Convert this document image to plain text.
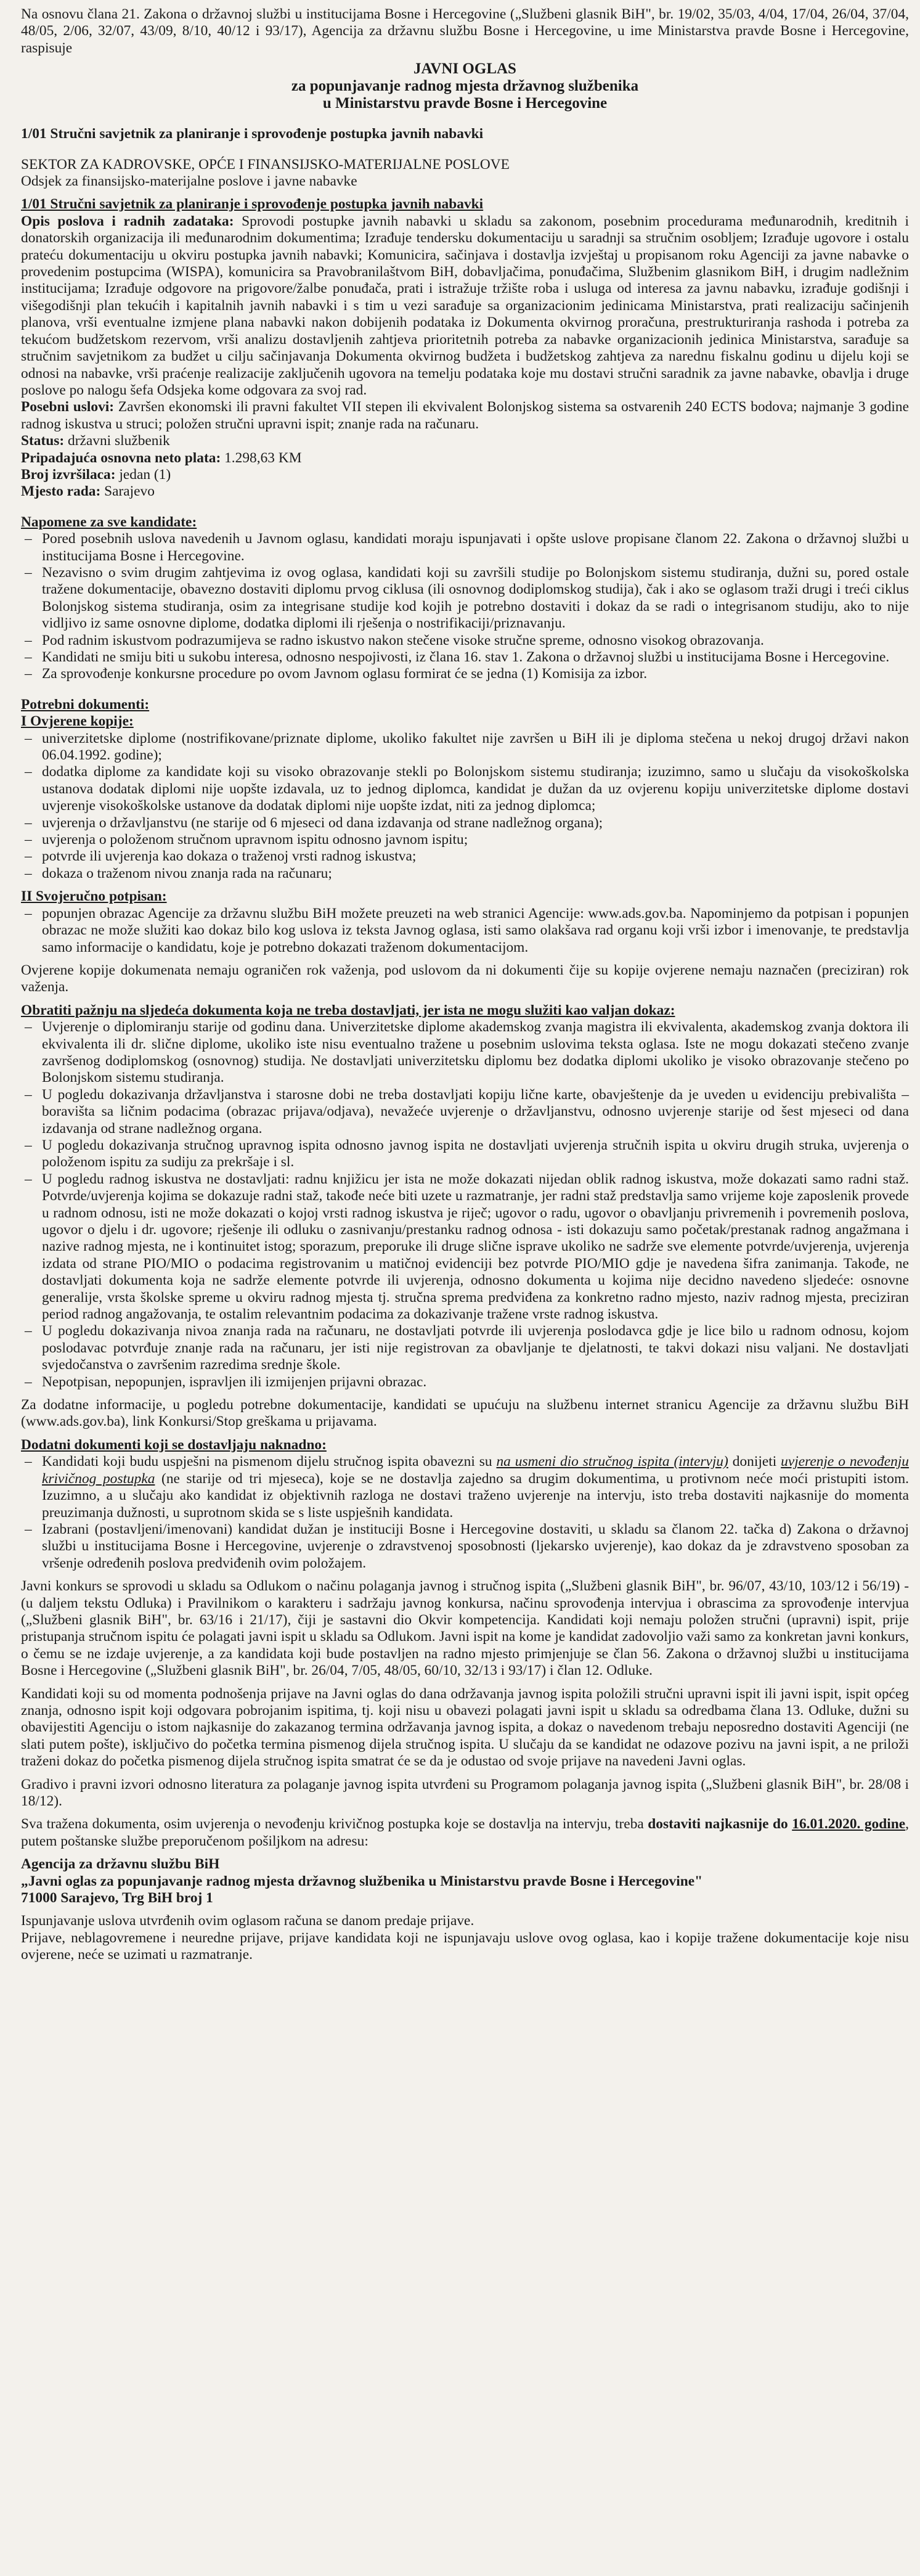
Na osnovu člana 21. Zakona o državnoj službi u institucijama Bosne i Hercegovine („Službeni glasnik BiH", br. 19/02, 35/03, 4/04, 17/04, 26/04, 37/04, 48/05, 2/06, 32/07, 43/09, 8/10, 40/12 i 93/17), Agencija za državnu službu Bosne i Hercegovine, u ime Ministarstva pravde Bosne i Hercegovine, raspisuje

JAVNI OGLAS
za popunjavanje radnog mjesta državnog službenika
u Ministarstvu pravde Bosne i Hercegovine

1/01 Stručni savjetnik za planiranje i sprovođenje postupka javnih nabavki

SEKTOR ZA KADROVSKE, OPĆE I FINANSIJSKO-MATERIJALNE POSLOVE

Odsjek za finansijsko-materijalne poslove i javne nabavke

1/01 Stručni savjetnik za planiranje i sprovođenje postupka javnih nabavki

Opis poslova i radnih zadataka: Sprovodi postupke javnih nabavki u skladu sa zakonom, posebnim procedurama međunarodnih, kreditnih i donatorskih organizacija ili međunarodnim dokumentima; Izrađuje tendersku dokumentaciju u saradnji sa stručnim osobljem; Izrađuje ugovore i ostalu prateću dokumentaciju u okviru postupka javnih nabavki; Komunicira, sačinjava i dostavlja izvještaj u propisanom roku Agenciji za javne nabavke o provedenim postupcima (WISPA), komunicira sa Pravobranilaštvom BiH, dobavljačima, ponuđačima, Službenim glasnikom BiH, i drugim nadležnim institucijama; Izrađuje odgovore na prigovore/žalbe ponuđača, prati i istražuje tržište roba i usluga od interesa za javnu nabavku, izrađuje godišnji i višegodišnji plan tekućih i kapitalnih javnih nabavki i s tim u vezi sarađuje sa organizacionim jedinicama Ministarstva, prati realizaciju sačinjenih planova, vrši eventualne izmjene plana nabavki nakon dobijenih podataka iz Dokumenta okvirnog proračuna, prestrukturiranja rashoda i potreba za tekućom budžetskom rezervom, vrši analizu dostavljenih zahtjeva prioritetnih potreba za nabavke organizacionih jedinica Ministarstva, sarađuje sa stručnim savjetnikom za budžet u cilju sačinjavanja Dokumenta okvirnog budžeta i budžetskog zahtjeva za narednu fiskalnu godinu u dijelu koji se odnosi na nabavke, vrši praćenje realizacije zaključenih ugovora na temelju podataka koje mu dostavi stručni saradnik za javne nabavke, obavlja i druge poslove po nalogu šefa Odsjeka kome odgovara za svoj rad.

Posebni uslovi: Završen ekonomski ili pravni fakultet VII stepen ili ekvivalent Bolonjskog sistema sa ostvarenih 240 ECTS bodova; najmanje 3 godine radnog iskustva u struci; položen stručni upravni ispit; znanje rada na računaru.

Status: državni službenik

Pripadajuća osnovna neto plata: 1.298,63 KM

Broj izvršilaca: jedan (1)

Mjesto rada: Sarajevo

Napomene za sve kandidate:

– Pored posebnih uslova navedenih u Javnom oglasu, kandidati moraju ispunjavati i opšte uslove propisane članom 22. Zakona o državnoj službi u institucijama Bosne i Hercegovine.
– Nezavisno o svim drugim zahtjevima iz ovog oglasa, kandidati koji su završili studije po Bolonjskom sistemu studiranja, dužni su, pored ostale tražene dokumentacije, obavezno dostaviti diplomu prvog ciklusa (ili osnovnog dodiplomskog studija), čak i ako se oglasom traži drugi i treći ciklus Bolonjskog sistema studiranja, osim za integrisane studije kod kojih je potrebno dostaviti i dokaz da se radi o integrisanom studiju, ako to nije vidljivo iz same osnovne diplome, dodatka diplomi ili rješenja o nostrifikaciji/priznavanju.
– Pod radnim iskustvom podrazumijeva se radno iskustvo nakon stečene visoke stručne spreme, odnosno visokog obrazovanja.
– Kandidati ne smiju biti u sukobu interesa, odnosno nespojivosti, iz člana 16. stav 1. Zakona o državnoj službi u institucijama Bosne i Hercegovine.
– Za sprovođenje konkursne procedure po ovom Javnom oglasu formirat će se jedna (1) Komisija za izbor.

Potrebni dokumenti:

I Ovjerene kopije:

– univerzitetske diplome (nostrifikovane/priznate diplome, ukoliko fakultet nije završen u BiH ili je diploma stečena u nekoj drugoj državi nakon 06.04.1992. godine);
– dodatka diplome za kandidate koji su visoko obrazovanje stekli po Bolonjskom sistemu studiranja; izuzimno, samo u slučaju da visokoškolska ustanova dodatak diplomi nije uopšte izdavala, uz to jednog diplomca, kandidat je dužan da uz ovjerenu kopiju univerzitetske diplome dostavi uvjerenje visokoškolske ustanove da dodatak diplomi nije uopšte izdat, niti za jednog diplomca;
– uvjerenja o državljanstvu (ne starije od 6 mjeseci od dana izdavanja od strane nadležnog organa);
– uvjerenja o položenom stručnom upravnom ispitu odnosno javnom ispitu;
– potvrde ili uvjerenja kao dokaza o traženoj vrsti radnog iskustva;
– dokaza o traženom nivou znanja rada na računaru;

II Svojeručno potpisan:

– popunjen obrazac Agencije za državnu službu BiH možete preuzeti na web stranici Agencije: www.ads.gov.ba. Napominjemo da potpisan i popunjen obrazac ne može služiti kao dokaz bilo kog uslova iz teksta Javnog oglasa, isti samo olakšava rad organu koji vrši izbor i imenovanje, te predstavlja samo informacije o kandidatu, koje je potrebno dokazati traženom dokumentacijom.

Ovjerene kopije dokumenata nemaju ograničen rok važenja, pod uslovom da ni dokumenti čije su kopije ovjerene nemaju naznačen (preciziran) rok važenja.

Obratiti pažnju na sljedeća dokumenta koja ne treba dostavljati, jer ista ne mogu služiti kao valjan dokaz:

– Uvjerenje o diplomiranju starije od godinu dana. Univerzitetske diplome akademskog zvanja magistra ili ekvivalenta, akademskog zvanja doktora ili ekvivalenta ili dr. slične diplome, ukoliko iste nisu eventualno tražene u posebnim uslovima teksta oglasa. Iste ne mogu dokazati stečeno zvanje završenog dodiplomskog (osnovnog) studija. Ne dostavljati univerzitetsku diplomu bez dodatka diplomi ukoliko je visoko obrazovanje stečeno po Bolonjskom sistemu studiranja.
– U pogledu dokazivanja državljanstva i starosne dobi ne treba dostavljati kopiju lične karte, obavještenje da je uveden u evidenciju prebivališta – boravišta sa ličnim podacima (obrazac prijava/odjava), nevažeće uvjerenje o državljanstvu, odnosno uvjerenje starije od šest mjeseci od dana izdavanja od strane nadležnog organa.
– U pogledu dokazivanja stručnog upravnog ispita odnosno javnog ispita ne dostavljati uvjerenja stručnih ispita u okviru drugih struka, uvjerenja o položenom ispitu za sudiju za prekršaje i sl.
– U pogledu radnog iskustva ne dostavljati: radnu knjižicu jer ista ne može dokazati nijedan oblik radnog iskustva, može dokazati samo radni staž. Potvrde/uvjerenja kojima se dokazuje radni staž, takođe neće biti uzete u razmatranje, jer radni staž predstavlja samo vrijeme koje zaposlenik provede u radnom odnosu, isti ne može dokazati o kojoj vrsti radnog iskustva je riječ; ugovor o radu, ugovor o obavljanju privremenih i povremenih poslova, ugovor o djelu i dr. ugovore; rješenje ili odluku o zasnivanju/prestanku radnog odnosa - isti dokazuju samo početak/prestanak radnog angažmana i nazive radnog mjesta, ne i kontinuitet istog; sporazum, preporuke ili druge slične isprave ukoliko ne sadrže sve elemente potvrde/uvjerenja, uvjerenja izdata od strane PIO/MIO o podacima registrovanim u matičnoj evidenciji bez potvrde PIO/MIO gdje je navedena šifra zanimanja. Takođe, ne dostavljati dokumenta koja ne sadrže elemente potvrde ili uvjerenja, odnosno dokumenta u kojima nije decidno navedeno sljedeće: osnovne generalije, vrsta školske spreme u okviru radnog mjesta tj. stručna sprema predviđena za konkretno radno mjesto, naziv radnog mjesta, preciziran period radnog angažovanja, te ostalim relevantnim podacima za dokazivanje tražene vrste radnog iskustva.
– U pogledu dokazivanja nivoa znanja rada na računaru, ne dostavljati potvrde ili uvjerenja poslodavca gdje je lice bilo u radnom odnosu, kojom poslodavac potvrđuje znanje rada na računaru, jer isti nije registrovan za obavljanje te djelatnosti, te takvi dokazi nisu valjani. Ne dostavljati svjedočanstva o završenim razredima srednje škole.
– Nepotpisan, nepopunjen, ispravljen ili izmijenjen prijavni obrazac.

Za dodatne informacije, u pogledu potrebne dokumentacije, kandidati se upućuju na službenu internet stranicu Agencije za državnu službu BiH (www.ads.gov.ba), link Konkursi/Stop greškama u prijavama.

Dodatni dokumenti koji se dostavljaju naknadno:

– Kandidati koji budu uspješni na pismenom dijelu stručnog ispita obavezni su na usmeni dio stručnog ispita (intervju) donijeti uvjerenje o nevođenju krivičnog postupka (ne starije od tri mjeseca), koje se ne dostavlja zajedno sa drugim dokumentima, u protivnom neće moći pristupiti istom. Izuzimno, a u slučaju ako kandidat iz objektivnih razloga ne dostavi traženo uvjerenje na intervju, isto treba dostaviti najkasnije do momenta preuzimanja dužnosti, u suprotnom skida se s liste uspješnih kandidata.
– Izabrani (postavljeni/imenovani) kandidat dužan je instituciji Bosne i Hercegovine dostaviti, u skladu sa članom 22. tačka d) Zakona o državnoj službi u institucijama Bosne i Hercegovine, uvjerenje o zdravstvenoj sposobnosti (ljekarsko uvjerenje), kao dokaz da je zdravstveno sposoban za vršenje određenih poslova predviđenih ovim položajem.

Javni konkurs se sprovodi u skladu sa Odlukom o načinu polaganja javnog i stručnog ispita („Službeni glasnik BiH", br. 96/07, 43/10, 103/12 i 56/19) - (u daljem tekstu Odluka) i Pravilnikom o karakteru i sadržaju javnog konkursa, načinu sprovođenja intervjua i obrascima za sprovođenje intervjua („Službeni glasnik BiH", br. 63/16 i 21/17), čiji je sastavni dio Okvir kompetencija. Kandidati koji nemaju položen stručni (upravni) ispit, prije pristupanja stručnom ispitu će polagati javni ispit u skladu sa Odlukom. Javni ispit na kome je kandidat zadovoljio važi samo za konkretan javni konkurs, o čemu se ne izdaje uvjerenje, a za kandidata koji bude postavljen na radno mjesto primjenjuje se član 56. Zakona o državnoj službi u institucijama Bosne i Hercegovine („Službeni glasnik BiH", br. 26/04, 7/05, 48/05, 60/10, 32/13 i 93/17) i član 12. Odluke.

Kandidati koji su od momenta podnošenja prijave na Javni oglas do dana održavanja javnog ispita položili stručni upravni ispit ili javni ispit, ispit općeg znanja, odnosno ispit koji odgovara pobrojanim ispitima, tj. koji nisu u obavezi polagati javni ispit u skladu sa odredbama člana 13. Odluke, dužni su obavijestiti Agenciju o istom najkasnije do zakazanog termina održavanja javnog ispita, a dokaz o navedenom trebaju neposredno dostaviti Agenciji (ne slati putem pošte), isključivo do početka termina pismenog dijela stručnog ispita. U slučaju da se kandidat ne odazove pozivu na javni ispit, a ne priloži traženi dokaz do početka pismenog dijela stručnog ispita smatrat će se da je odustao od svoje prijave na navedeni Javni oglas.

Gradivo i pravni izvori odnosno literatura za polaganje javnog ispita utvrđeni su Programom polaganja javnog ispita („Službeni glasnik BiH", br. 28/08 i 18/12).

Sva tražena dokumenta, osim uvjerenja o nevođenju krivičnog postupka koje se dostavlja na intervju, treba dostaviti najkasnije do 16.01.2020. godine, putem poštanske službe preporučenom pošiljkom na adresu:

Agencija za državnu službu BiH

„Javni oglas za popunjavanje radnog mjesta državnog službenika u Ministarstvu pravde Bosne i Hercegovine"

71000 Sarajevo, Trg BiH broj 1

Ispunjavanje uslova utvrđenih ovim oglasom računa se danom predaje prijave.

Prijave, neblagovremene i neuredne prijave, prijave kandidata koji ne ispunjavaju uslove ovog oglasa, kao i kopije tražene dokumentacije koje nisu ovjerene, neće se uzimati u razmatranje.
